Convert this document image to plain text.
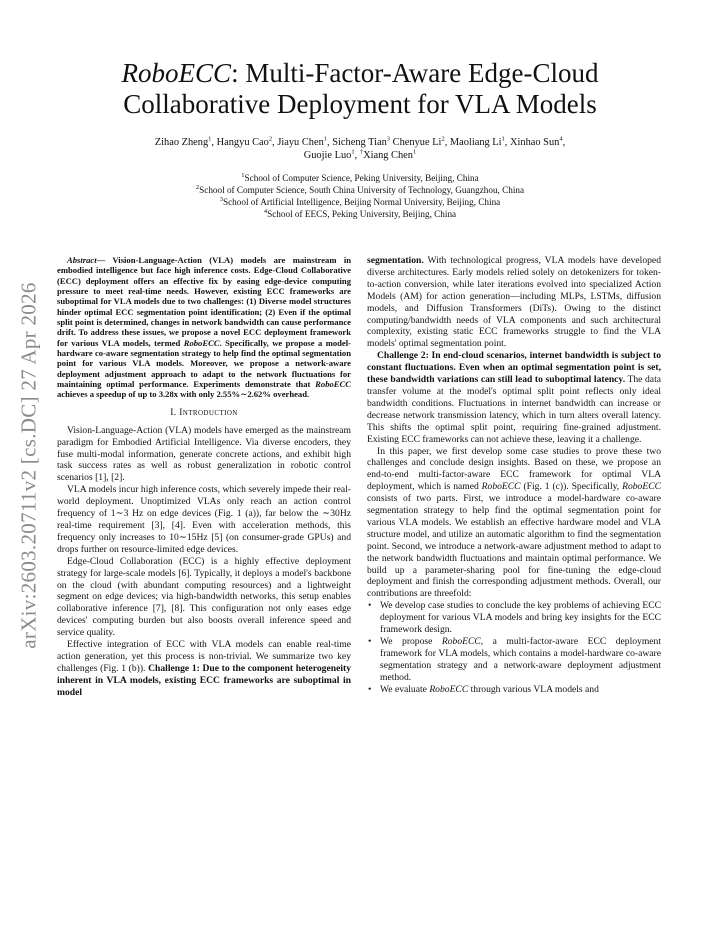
arXiv:2603.20711v2 [cs.DC] 27 Apr 2026
RoboECC: Multi-Factor-Aware Edge-Cloud
Collaborative Deployment for VLA Models
Zihao Zheng$^1$, Hangyu Cao$^2$, Jiayu Chen$^1$, Sicheng Tian$^3$ Chenyue Li$^2$, Maoliang Li$^1$, Xinhao Sun$^4$,
Guojie Luo$^1$, †Xiang Chen$^1$
$^1$School of Computer Science, Peking University, Beijing, China
$^2$School of Computer Science, South China University of Technology, Guangzhou, China
$^3$School of Artificial Intelligence, Beijing Normal University, Beijing, China
$^4$School of EECS, Peking University, Beijing, China

Abstract— Vision-Language-Action (VLA) models are mainstream in embodied intelligence but face high inference costs. Edge-Cloud Collaborative (ECC) deployment offers an effective fix by easing edge-device computing pressure to meet real-time needs. However, existing ECC frameworks are suboptimal for VLA models due to two challenges: (1) Diverse model structures hinder optimal ECC segmentation point identification; (2) Even if the optimal split point is determined, changes in network bandwidth can cause performance drift. To address these issues, we propose a novel ECC deployment framework for various VLA models, termed RoboECC. Specifically, we propose a model-hardware co-aware segmentation strategy to help find the optimal segmentation point for various VLA models. Moreover, we propose a network-aware deployment adjustment approach to adapt to the network fluctuations for maintaining optimal performance. Experiments demonstrate that RoboECC achieves a speedup of up to 3.28x with only 2.55%∼2.62% overhead.

I. Introduction

Vision-Language-Action (VLA) models have emerged as the mainstream paradigm for Embodied Artificial Intelligence. Via diverse encoders, they fuse multi-modal information, generate concrete actions, and exhibit high task success rates as well as robust generalization in robotic control scenarios [1], [2].

VLA models incur high inference costs, which severely impede their real-world deployment. Unoptimized VLAs only reach an action control frequency of 1∼3 Hz on edge devices (Fig. 1 (a)), far below the ∼30Hz real-time requirement [3], [4]. Even with acceleration methods, this frequency only increases to 10∼15Hz [5] (on consumer-grade GPUs) and drops further on resource-limited edge devices.

Edge-Cloud Collaboration (ECC) is a highly effective deployment strategy for large-scale models [6]. Typically, it deploys a model's backbone on the cloud (with abundant computing resources) and a lightweight segment on edge devices; via high-bandwidth networks, this setup enables collaborative inference [7], [8]. This configuration not only eases edge devices' computing burden but also boosts overall inference speed and service quality.

Effective integration of ECC with VLA models can enable real-time action generation, yet this process is non-trivial. We summarize two key challenges (Fig. 1 (b)). Challenge 1: Due to the component heterogeneity inherent in VLA models, existing ECC frameworks are suboptimal in model

segmentation. With technological progress, VLA models have developed diverse architectures. Early models relied solely on detokenizers for token-to-action conversion, while later iterations evolved into specialized Action Models (AM) for action generation—including MLPs, LSTMs, diffusion models, and Diffusion Transformers (DiTs). Owing to the distinct computing/bandwidth needs of VLA components and such architectural complexity, existing static ECC frameworks struggle to find the VLA models' optimal segmentation point.

Challenge 2: In end-cloud scenarios, internet bandwidth is subject to constant fluctuations. Even when an optimal segmentation point is set, these bandwidth variations can still lead to suboptimal latency. The data transfer volume at the model's optimal split point reflects only ideal bandwidth conditions. Fluctuations in internet bandwidth can increase or decrease network transmission latency, which in turn alters overall latency. This shifts the optimal split point, requiring fine-grained adjustment. Existing ECC frameworks can not achieve these, leaving it a challenge.

In this paper, we first develop some case studies to prove these two challenges and conclude design insights. Based on these, we propose an end-to-end multi-factor-aware ECC framework for optimal VLA deployment, which is named RoboECC (Fig. 1 (c)). Specifically, RoboECC consists of two parts. First, we introduce a model-hardware co-aware segmentation strategy to help find the optimal segmentation point for various VLA models. We establish an effective hardware model and VLA structure model, and utilize an automatic algorithm to find the segmentation point. Second, we introduce a network-aware adjustment method to adapt to the network bandwidth fluctuations and maintain optimal performance. We build up a parameter-sharing pool for fine-tuning the edge-cloud deployment and finish the corresponding adjustment methods. Overall, our contributions are threefold:

• We develop case studies to conclude the key problems of achieving ECC deployment for various VLA models and bring key insights for the ECC framework design.
• We propose RoboECC, a multi-factor-aware ECC deployment framework for VLA models, which contains a model-hardware co-aware segmentation strategy and a network-aware deployment adjustment method.
• We evaluate RoboECC through various VLA models and
